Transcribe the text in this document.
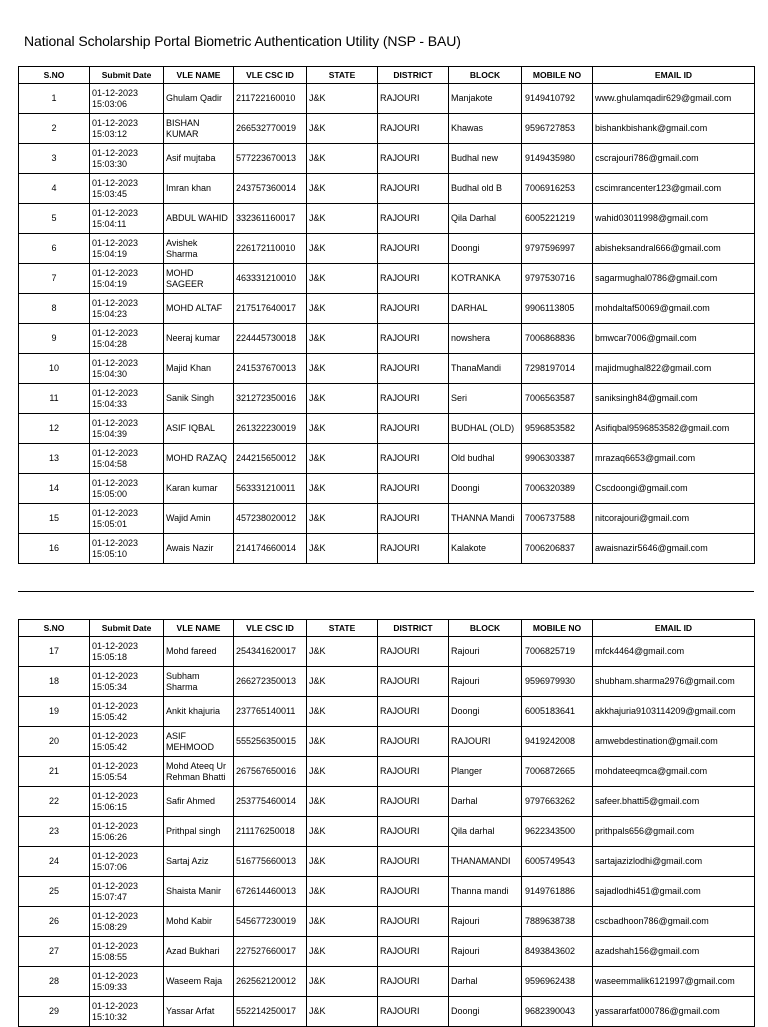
National Scholarship Portal Biometric Authentication Utility (NSP - BAU)
S.NO	Submit Date	VLE NAME	VLE CSC ID	STATE	DISTRICT	BLOCK	MOBILE NO	EMAIL ID
1	01-12-2023 15:03:06	Ghulam Qadir	211722160010	J&K	RAJOURI	Manjakote	9149410792	www.ghulamqadir629@gmail.com
2	01-12-2023 15:03:12	BISHAN KUMAR	266532770019	J&K	RAJOURI	Khawas	9596727853	bishankbishank@gmail.com
3	01-12-2023 15:03:30	Asif mujtaba	577223670013	J&K	RAJOURI	Budhal new	9149435980	cscrajouri786@gmail.com
4	01-12-2023 15:03:45	Imran khan	243757360014	J&K	RAJOURI	Budhal old B	7006916253	cscimrancenter123@gmail.com
5	01-12-2023 15:04:11	ABDUL WAHID	332361160017	J&K	RAJOURI	Qila Darhal	6005221219	wahid03011998@gmail.com
6	01-12-2023 15:04:19	Avishek Sharma	226172110010	J&K	RAJOURI	Doongi	9797596997	abisheksandral666@gmail.com
7	01-12-2023 15:04:19	MOHD SAGEER	463331210010	J&K	RAJOURI	KOTRANKA	9797530716	sagarmughal0786@gmail.com
8	01-12-2023 15:04:23	MOHD ALTAF	217517640017	J&K	RAJOURI	DARHAL	9906113805	mohdaltaf50069@gmail.com
9	01-12-2023 15:04:28	Neeraj kumar	224445730018	J&K	RAJOURI	nowshera	7006868836	bmwcar7006@gmail.com
10	01-12-2023 15:04:30	Majid Khan	241537670013	J&K	RAJOURI	ThanaMandi	7298197014	majidmughal822@gmail.com
11	01-12-2023 15:04:33	Sanik Singh	321272350016	J&K	RAJOURI	Seri	7006563587	saniksingh84@gmail.com
12	01-12-2023 15:04:39	ASIF IQBAL	261322230019	J&K	RAJOURI	BUDHAL (OLD)	9596853582	Asifiqbal9596853582@gmail.com
13	01-12-2023 15:04:58	MOHD RAZAQ	244215650012	J&K	RAJOURI	Old budhal	9906303387	mrazaq6653@gmail.com
14	01-12-2023 15:05:00	Karan kumar	563331210011	J&K	RAJOURI	Doongi	7006320389	Cscdoongi@gmail.com
15	01-12-2023 15:05:01	Wajid Amin	457238020012	J&K	RAJOURI	THANNA Mandi	7006737588	nitcorajouri@gmail.com
16	01-12-2023 15:05:10	Awais Nazir	214174660014	J&K	RAJOURI	Kalakote	7006206837	awaisnazir5646@gmail.com
S.NO	Submit Date	VLE NAME	VLE CSC ID	STATE	DISTRICT	BLOCK	MOBILE NO	EMAIL ID
17	01-12-2023 15:05:18	Mohd fareed	254341620017	J&K	RAJOURI	Rajouri	7006825719	mfck4464@gmail.com
18	01-12-2023 15:05:34	Subham Sharma	266272350013	J&K	RAJOURI	Rajouri	9596979930	shubham.sharma2976@gmail.com
19	01-12-2023 15:05:42	Ankit khajuria	237765140011	J&K	RAJOURI	Doongi	6005183641	akkhajuria9103114209@gmail.com
20	01-12-2023 15:05:42	ASIF MEHMOOD	555256350015	J&K	RAJOURI	RAJOURI	9419242008	amwebdestination@gmail.com
21	01-12-2023 15:05:54	Mohd Ateeq Ur Rehman Bhatti	267567650016	J&K	RAJOURI	Planger	7006872665	mohdateeqmca@gmail.com
22	01-12-2023 15:06:15	Safir Ahmed	253775460014	J&K	RAJOURI	Darhal	9797663262	safeer.bhatti5@gmail.com
23	01-12-2023 15:06:26	Prithpal singh	211176250018	J&K	RAJOURI	Qila darhal	9622343500	prithpals656@gmail.com
24	01-12-2023 15:07:06	Sartaj Aziz	516775660013	J&K	RAJOURI	THANAMANDI	6005749543	sartajazizlodhi@gmail.com
25	01-12-2023 15:07:47	Shaista Manir	672614460013	J&K	RAJOURI	Thanna mandi	9149761886	sajadlodhi451@gmail.com
26	01-12-2023 15:08:29	Mohd Kabir	545677230019	J&K	RAJOURI	Rajouri	7889638738	cscbadhoon786@gmail.com
27	01-12-2023 15:08:55	Azad Bukhari	227527660017	J&K	RAJOURI	Rajouri	8493843602	azadshah156@gmail.com
28	01-12-2023 15:09:33	Waseem Raja	262562120012	J&K	RAJOURI	Darhal	9596962438	waseemmalik6121997@gmail.com
29	01-12-2023 15:10:32	Yassar Arfat	552214250017	J&K	RAJOURI	Doongi	9682390043	yassararfat000786@gmail.com
